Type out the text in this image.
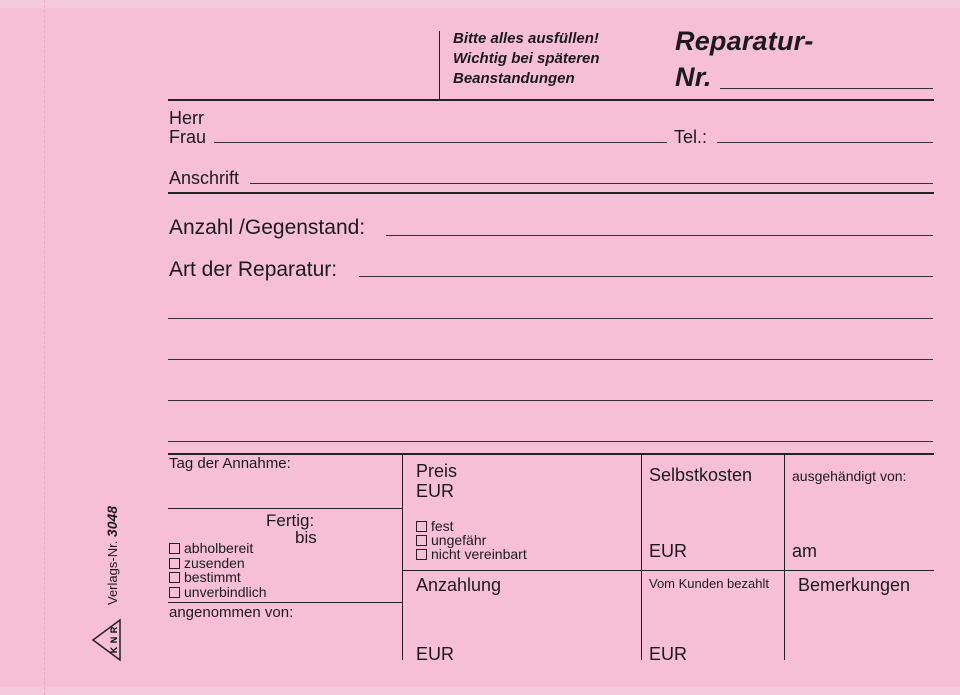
Bitte alles ausfüllen!
Wichtig bei späteren
Beanstandungen
Reparatur-
Nr.
Herr
Frau	Tel.:
Anschrift
Anzahl /Gegenstand:
Art der Reparatur:
Tag der Annahme:
Fertig:
bis
abholbereit
zusenden
bestimmt
unverbindlich
angenommen von:
Preis
EUR
fest
ungefähr
nicht vereinbart
Anzahlung
EUR
Selbstkosten
EUR
Vom Kunden bezahlt
EUR
ausgehändigt von:
am
Bemerkungen
Verlags-Nr. 3048
R
N
K
